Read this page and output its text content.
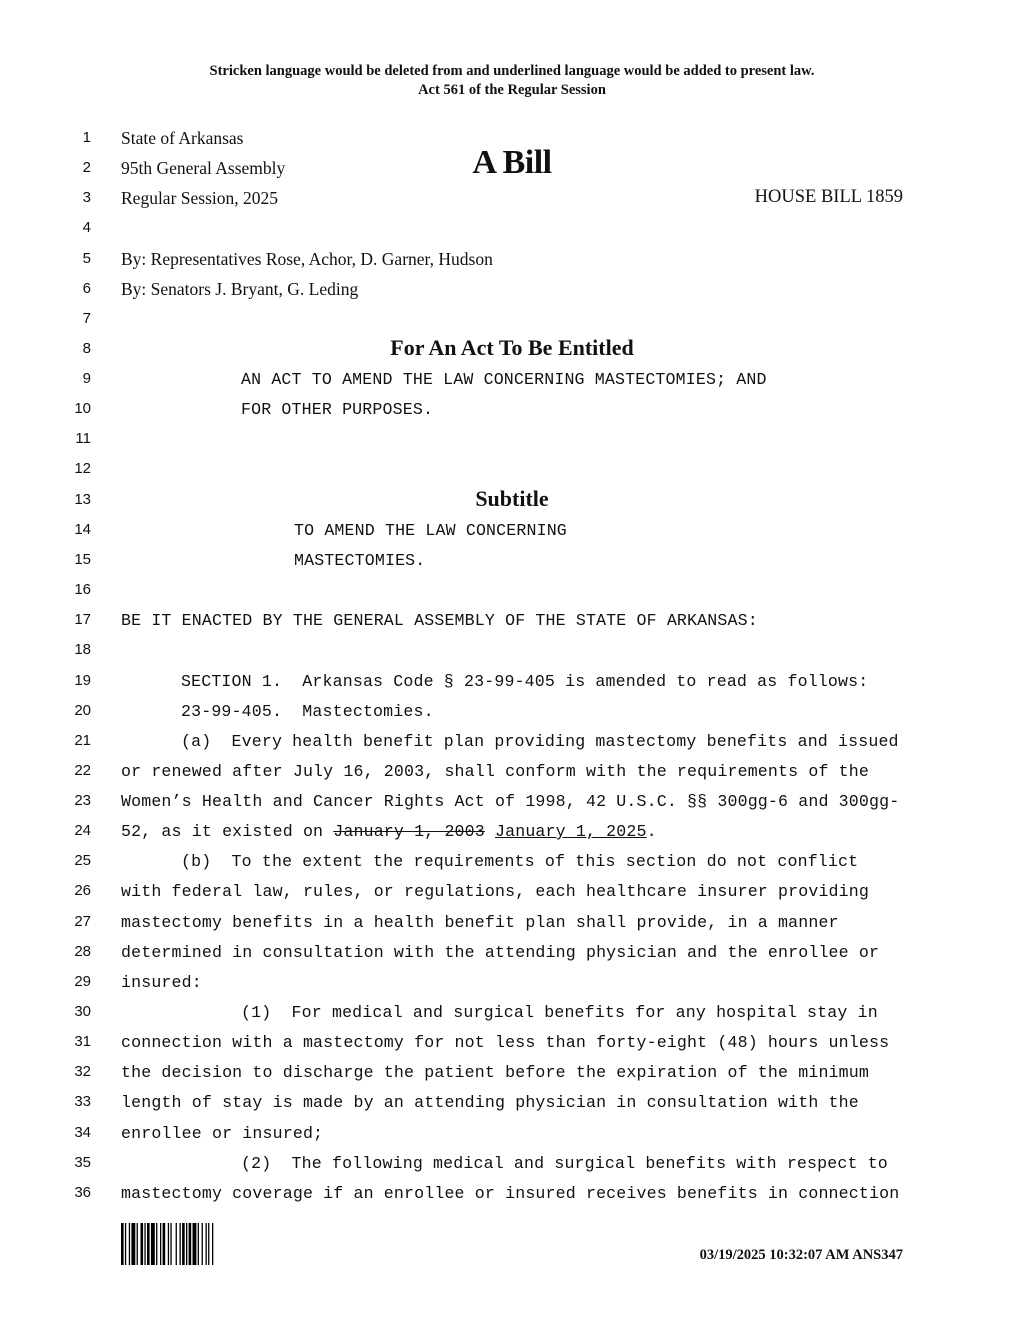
Stricken language would be deleted from and underlined language would be added to present law.
Act 561 of the Regular Session
1
2
3
4
5
6
7
8
9
10
11
12
13
14
15
16
17
18
19
20
21
22
23
24
25
26
27
28
29
30
31
32
33
34
35
36
State of Arkansas
95th General Assembly
Regular Session, 2025
A Bill
HOUSE BILL 1859
By: Representatives Rose, Achor, D. Garner, Hudson
By: Senators J. Bryant, G. Leding
For An Act To Be Entitled
AN ACT TO AMEND THE LAW CONCERNING MASTECTOMIES; AND
FOR OTHER PURPOSES.
Subtitle
TO AMEND THE LAW CONCERNING
MASTECTOMIES.
BE IT ENACTED BY THE GENERAL ASSEMBLY OF THE STATE OF ARKANSAS:
SECTION 1.  Arkansas Code § 23-99-405 is amended to read as follows:
23-99-405.  Mastectomies.
(a)  Every health benefit plan providing mastectomy benefits and issued
or renewed after July 16, 2003, shall conform with the requirements of the
Women’s Health and Cancer Rights Act of 1998, 42 U.S.C. §§ 300gg-6 and 300gg-
52, as it existed on January 1, 2003 January 1, 2025.
(b)  To the extent the requirements of this section do not conflict
with federal law, rules, or regulations, each healthcare insurer providing
mastectomy benefits in a health benefit plan shall provide, in a manner
determined in consultation with the attending physician and the enrollee or
insured:
(1)  For medical and surgical benefits for any hospital stay in
connection with a mastectomy for not less than forty-eight (48) hours unless
the decision to discharge the patient before the expiration of the minimum
length of stay is made by an attending physician in consultation with the
enrollee or insured;
(2)  The following medical and surgical benefits with respect to
mastectomy coverage if an enrollee or insured receives benefits in connection
03/19/2025 10:32:07 AM ANS347
